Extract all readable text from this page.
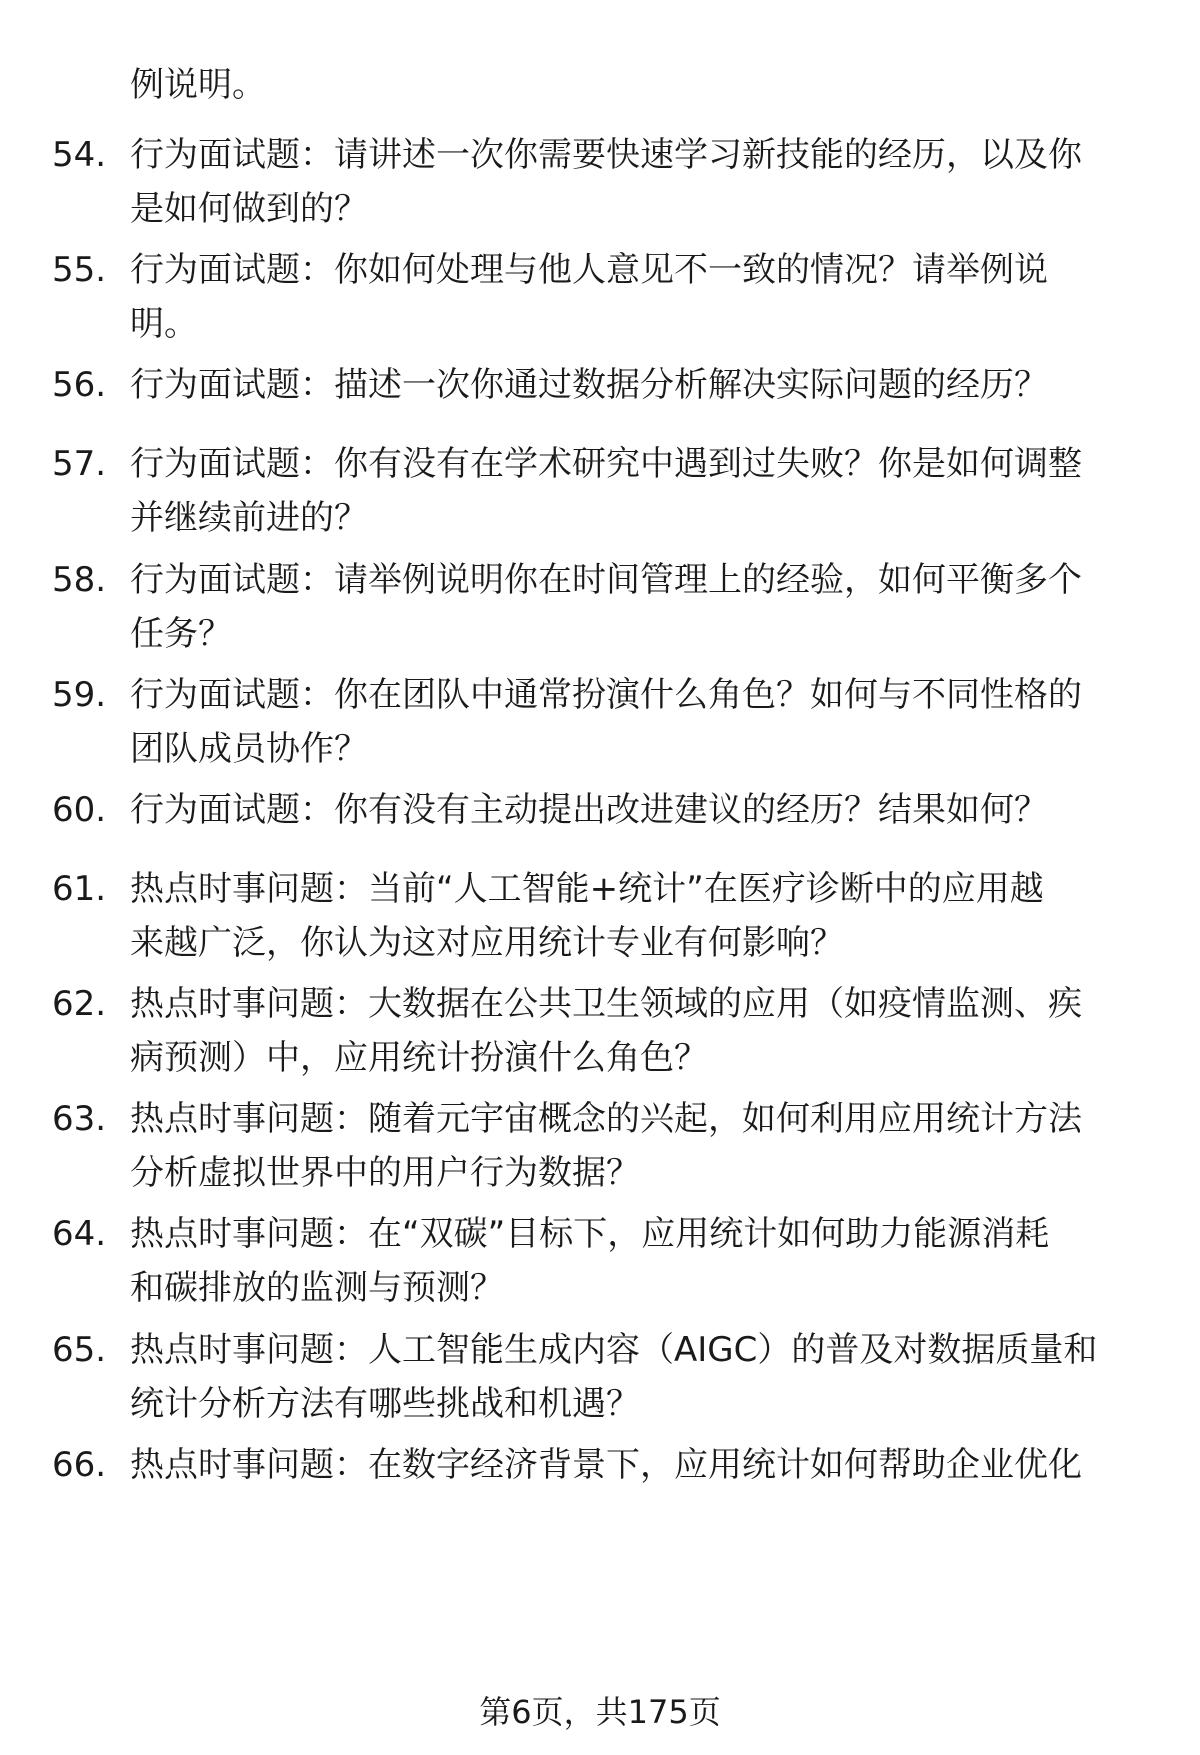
例说明。
54. 行为面试题：请讲述一次你需要快速学习新技能的经历，以及你
是如何做到的？
55. 行为面试题：你如何处理与他人意见不一致的情况？请举例说
明。
56. 行为面试题：描述一次你通过数据分析解决实际问题的经历？
57. 行为面试题：你有没有在学术研究中遇到过失败？你是如何调整
并继续前进的？
58. 行为面试题：请举例说明你在时间管理上的经验，如何平衡多个
任务？
59. 行为面试题：你在团队中通常扮演什么角色？如何与不同性格的
团队成员协作？
60. 行为面试题：你有没有主动提出改进建议的经历？结果如何？
61. 热点时事问题：当前“人工智能+统计”在医疗诊断中的应用越
来越广泛，你认为这对应用统计专业有何影响？
62. 热点时事问题：大数据在公共卫生领域的应用（如疫情监测、疾
病预测）中，应用统计扮演什么角色？
63. 热点时事问题：随着元宇宙概念的兴起，如何利用应用统计方法
分析虚拟世界中的用户行为数据？
64. 热点时事问题：在“双碳”目标下，应用统计如何助力能源消耗
和碳排放的监测与预测？
65. 热点时事问题：人工智能生成内容（AIGC）的普及对数据质量和
统计分析方法有哪些挑战和机遇？
66. 热点时事问题：在数字经济背景下，应用统计如何帮助企业优化
第6页，共175页
